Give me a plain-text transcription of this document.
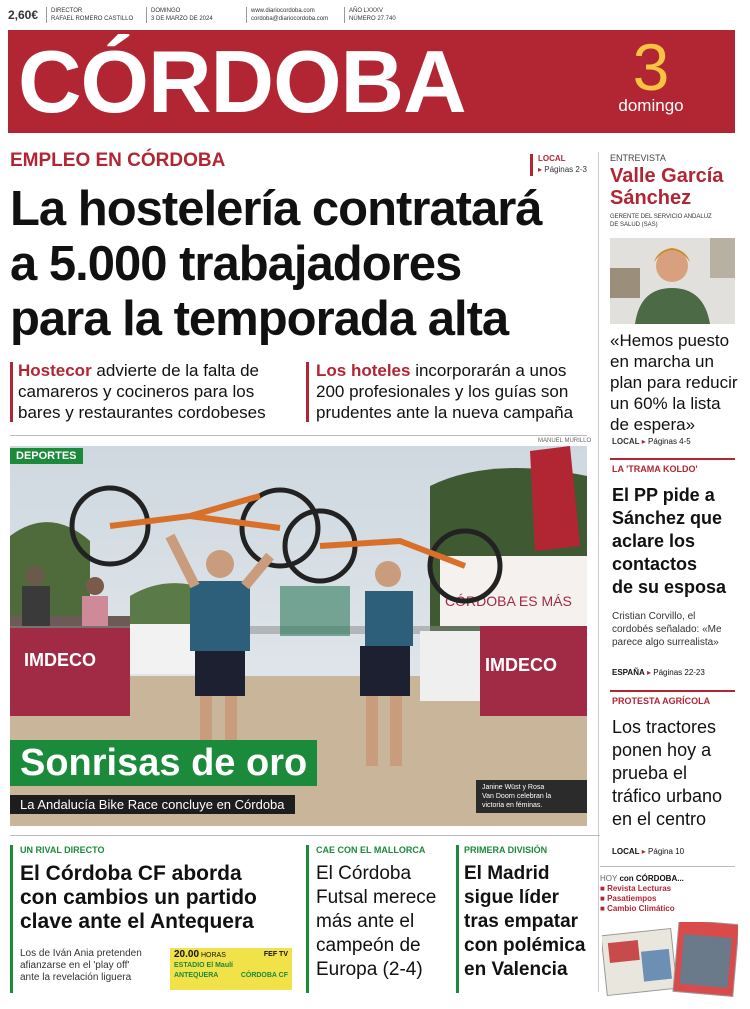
2,60€ DIRECTOR
RAFAEL ROMERO CASTILLO
DOMINGO
3 DE MARZO DE 2024
www.diariocordoba.com
cordoba@diariocordoba.com
AÑO LXXXV
NÚMERO 27.740
CÓRDOBA	3
domingo
EMPLEO EN CÓRDOBA	LOCAL
▸ Páginas 2-3
La hostelería contratará
a 5.000 trabajadores
para la temporada alta
Hostecor advierte de la falta de
camareros y cocineros para los
bares y restaurantes cordobeses
Los hoteles incorporarán a unos
200 profesionales y los guías son
prudentes ante la nueva campaña
MANUEL MURILLO
IMDECO
CÓRDOBA ES MÁS
IMDECO
DEPORTES
Sonrisas de oro
La Andalucía Bike Race concluye en Córdoba
Janine Wüst y Rosa
Van Doorn celebran la
victoria en féminas.
ENTREVISTA
Valle García
Sánchez
GERENTE DEL SERVICIO ANDALUZ
DE SALUD (SAS)
«Hemos puesto
en marcha un
plan para reducir
un 60% la lista
de espera»
LOCAL ▸ Páginas 4-5
LA 'TRAMA KOLDO'
El PP pide a
Sánchez que
aclare los
contactos
de su esposa
Cristian Corvillo, el
cordobés señalado: «Me
parece algo surrealista»
ESPAÑA ▸ Páginas 22-23
PROTESTA AGRÍCOLA
Los tractores
ponen hoy a
prueba el
tráfico urbano
en el centro
LOCAL ▸ Página 10
HOY con CÓRDOBA...
■ Revista Lecturas
■ Pasatiempos
■ Cambio Climático
UN RIVAL DIRECTO
El Córdoba CF aborda
con cambios un partido
clave ante el Antequera
Los de Iván Ania pretenden
afianzarse en el 'play off'
ante la revelación liguera
20.00 HORAS	FEF TV
ESTADIO El Maulí
ANTEQUERA	CÓRDOBA CF
CAE CON EL MALLORCA
El Córdoba
Futsal merece
más ante el
campeón de
Europa (2-4)
PRIMERA DIVISIÓN
El Madrid
sigue líder
tras empatar
con polémica
en Valencia
